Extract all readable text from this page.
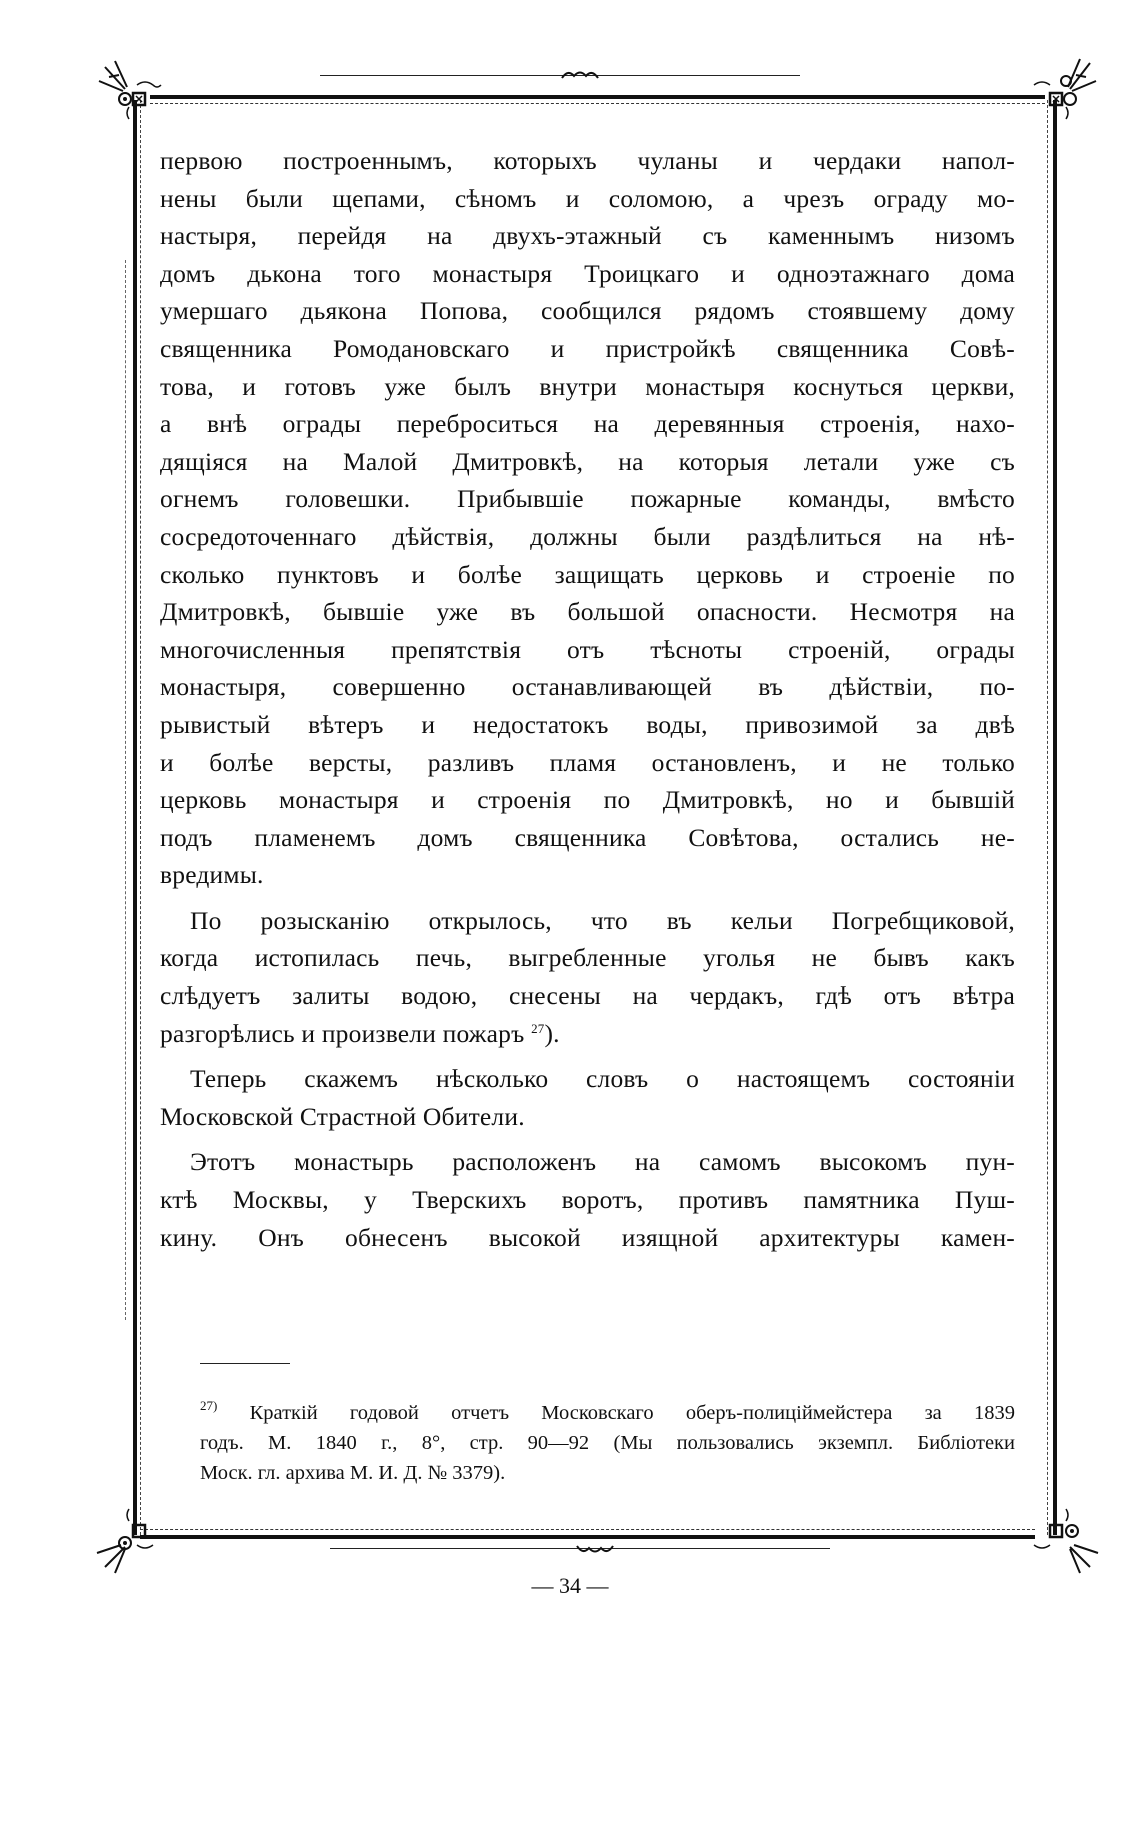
первою построеннымъ, которыхъ чуланы и чердаки напол-
нены были щепами, сѣномъ и соломою, а чрезъ ограду мо-
настыря, перейдя на двухъ-этажный съ каменнымъ низомъ
домъ дькона того монастыря Троицкаго и одноэтажнаго дома
умершаго дьякона Попова, сообщился рядомъ стоявшему дому
священника Ромодановскаго и пристройкѣ священника Совѣ-
това, и готовъ уже былъ внутри монастыря коснуться церкви,
а внѣ ограды переброситься на деревянныя строенія, нахо-
дящіяся на Малой Дмитровкѣ, на которыя летали уже съ
огнемъ головешки. Прибывшіе пожарные команды, вмѣсто
сосредоточеннаго дѣйствія, должны были раздѣлиться на нѣ-
сколько пунктовъ и болѣе защищать церковь и строеніе по
Дмитровкѣ, бывшіе уже въ большой опасности. Несмотря на
многочисленныя препятствія отъ тѣсноты строеній, ограды
монастыря, совершенно останавливающей въ дѣйствіи, по-
рывистый вѣтеръ и недостатокъ воды, привозимой за двѣ
и болѣе версты, разливъ пламя остановленъ, и не только
церковь монастыря и строенія по Дмитровкѣ, но и бывшій
подъ пламенемъ домъ священника Совѣтова, остались не-
вредимы.
По розысканію открылось, что въ кельи Погребщиковой,
когда истопилась печь, выгребленные уголья не бывъ какъ
слѣдуетъ залиты водою, снесены на чердакъ, гдѣ отъ вѣтра
разгорѣлись и произвели пожаръ $^{27}$).
Теперь скажемъ нѣсколько словъ о настоящемъ состояніи
Московской Страстной Обители.
Этотъ монастырь расположенъ на самомъ высокомъ пун-
ктѣ Москвы, у Тверскихъ воротъ, противъ памятника Пуш-
кину. Онъ обнесенъ высокой изящной архитектуры камен-
$^{27)}$ Краткій годовой отчетъ Московскаго оберъ-полиціймейстера за 1839
годъ. М. 1840 г., 8°, стр. 90—92 (Мы пользовались экземпл. Библіотеки
Моск. гл. архива М. И. Д. № 3379).
— 34 —
